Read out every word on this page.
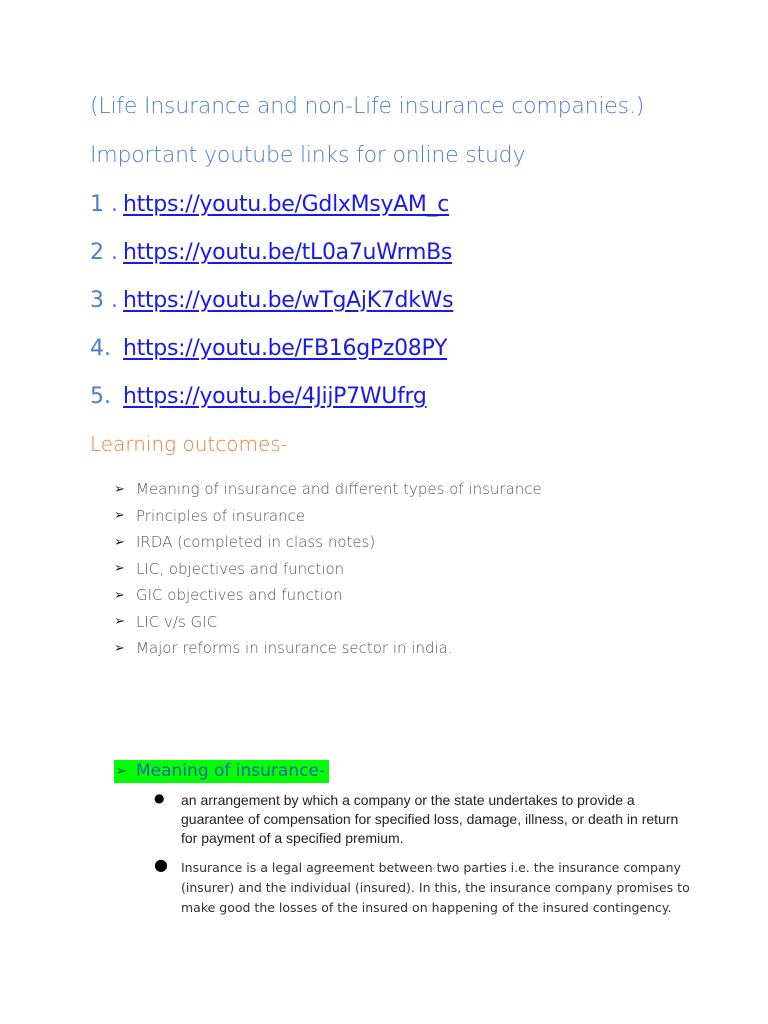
(Life Insurance and non-Life insurance companies.)
Important youtube links for online study
1 . https://youtu.be/GdlxMsyAM_c
2 . https://youtu.be/tL0a7uWrmBs
3 . https://youtu.be/wTgAjK7dkWs
4. https://youtu.be/FB16gPz08PY
5. https://youtu.be/4JijP7WUfrg
Learning outcomes-
➢ Meaning of insurance and different types of insurance
➢ Principles of insurance
➢ IRDA (completed in class notes)
➢ LIC, objectives and function
➢ GIC objectives and function
➢ LIC v/s GIC
➢ Major reforms in insurance sector in india.
➢ Meaning of insurance-
● an arrangement by which a company or the state undertakes to provide a guarantee of compensation for specified loss, damage, illness, or death in return for payment of a specified premium.
● Insurance is a legal agreement between two parties i.e. the insurance company (insurer) and the individual (insured). In this, the insurance company promises to make good the losses of the insured on happening of the insured contingency.
